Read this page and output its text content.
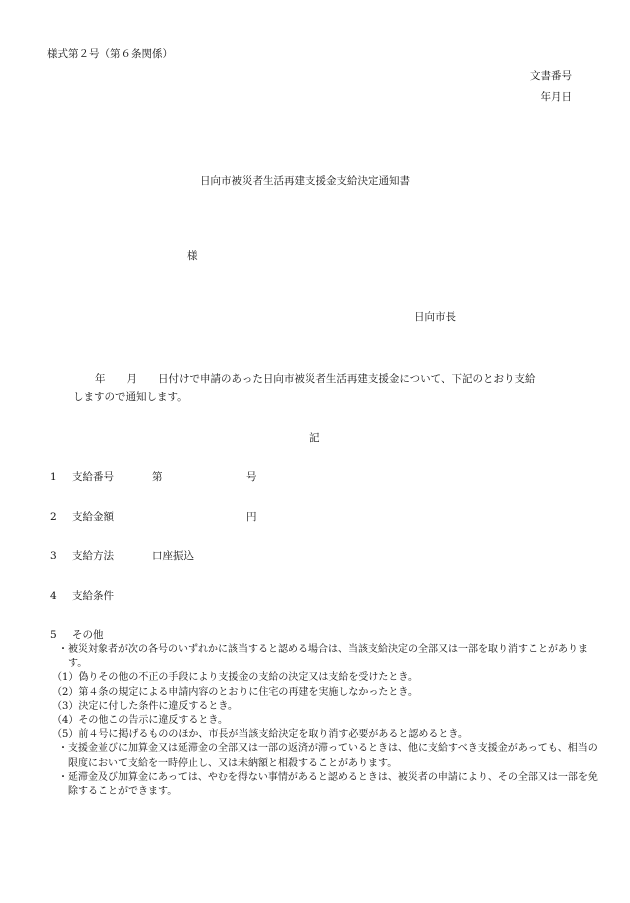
様式第２号（第６条関係）
文書番号
年月日
日向市被災者生活再建支援金支給決定通知書
様
日向市長
年　　月　　日付けで申請のあった日向市被災者生活再建支援金について、下記のとおり支給
しますので通知します。
記
1 支給番号	第	号
2 支給金額	円
3 支給方法	口座振込
4 支給条件
5 その他
・ 被災対象者が次の各号のいずれかに該当すると認める場合は、当該支給決定の全部又は一部を取り消すことがあります。
（1） 偽りその他の不正の手段により支援金の支給の決定又は支給を受けたとき。
（2） 第４条の規定による申請内容のとおりに住宅の再建を実施しなかったとき。
（3） 決定に付した条件に違反するとき。
（4） その他この告示に違反するとき。
（5） 前４号に掲げるもののほか、市長が当該支給決定を取り消す必要があると認めるとき。
・ 支援金並びに加算金又は延滞金の全部又は一部の返済が滞っているときは、他に支給すべき支援金があっても、相当の限度において支給を一時停止し、又は未納額と相殺することがあります。
・ 延滞金及び加算金にあっては、やむを得ない事情があると認めるときは、被災者の申請により、その全部又は一部を免除することができます。
